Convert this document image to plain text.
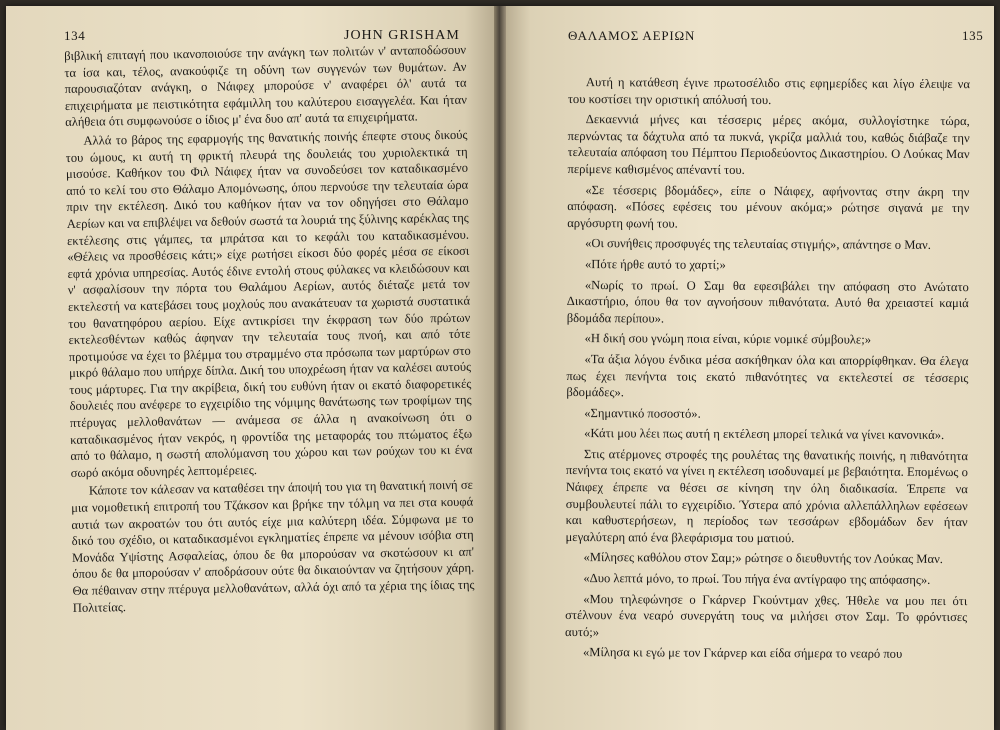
134	JOHN GRISHAM

βιβλική επιταγή που ικανοποιούσε την ανάγκη των πολιτών ν' ανταποδώσουν τα ίσα και, τέλος, ανακούφιζε τη οδύνη των συγγενών των θυμάτων. Αν παρουσιαζόταν ανάγκη, ο Νάιφεχ μπορούσε ν' αναφέρει όλ' αυτά τα επιχειρήματα με πειστικότητα εφάμιλλη του καλύτερου εισαγγελέα. Και ήταν αλήθεια ότι συμφωνούσε ο ίδιος μ' ένα δυο απ' αυτά τα επιχειρήματα.

Αλλά το βάρος της εφαρμογής της θανατικής ποινής έπεφτε στους δικούς του ώμους, κι αυτή τη φρικτή πλευρά της δουλειάς του χυριολεκτικά τη μισούσε. Καθήκον του Φιλ Νάιφεχ ήταν να συνοδεύσει τον καταδικασμένο από το κελί του στο Θάλαμο Απομόνωσης, όπου περνούσε την τελευταία ώρα πριν την εκτέλεση. Δικό του καθήκον ήταν να τον οδηγήσει στο Θάλαμο Αερίων και να επιβλέψει να δεθούν σωστά τα λουριά της ξύλινης καρέκλας της εκτέλεσης στις γάμπες, τα μπράτσα και το κεφάλι του καταδικασμένου. «Θέλεις να προσθέσεις κάτι;» είχε ρωτήσει είκοσι δύο φορές μέσα σε είκοσι εφτά χρόνια υπηρεσίας. Αυτός έδινε εντολή στους φύλακες να κλειδώσουν και ν' ασφαλίσουν την πόρτα του Θαλάμου Αερίων, αυτός διέταζε μετά τον εκτελεστή να κατεβάσει τους μοχλούς που ανακάτευαν τα χωριστά συστατικά του θανατηφόρου αερίου. Είχε αντικρίσει την έκφραση των δύο πρώτων εκτελεσθέντων καθώς άφηναν την τελευταία τους πνοή, και από τότε προτιμούσε να έχει το βλέμμα του στραμμένο στα πρόσωπα των μαρτύρων στο μικρό θάλαμο που υπήρχε δίπλα. Δική του υποχρέωση ήταν να καλέσει αυτούς τους μάρτυρες. Για την ακρίβεια, δική του ευθύνη ήταν οι εκατό διαφορετικές δουλειές που ανέφερε το εγχειρίδιο της νόμιμης θανάτωσης των τροφίμων της πτέρυγας μελλοθανάτων — ανάμεσα σε άλλα η ανακοίνωση ότι ο καταδικασμένος ήταν νεκρός, η φροντίδα της μεταφοράς του πτώματος έξω από το θάλαμο, η σωστή απολύμανση του χώρου και των ρούχων του κι ένα σωρό ακόμα οδυνηρές λεπτομέρειες.

Κάποτε τον κάλεσαν να καταθέσει την άποψή του για τη θανατική ποινή σε μια νομοθετική επιτροπή του Τζάκσον και βρήκε την τόλμη να πει στα κουφά αυτιά των ακροατών του ότι αυτός είχε μια καλύτερη ιδέα. Σύμφωνα με το δικό του σχέδιο, οι καταδικασμένοι εγκληματίες έπρεπε να μένουν ισόβια στη Μονάδα Υψίστης Ασφαλείας, όπου δε θα μπορούσαν να σκοτώσουν κι απ' όπου δε θα μπορούσαν ν' αποδράσουν ούτε θα δικαιούνταν να ζητήσουν χάρη. Θα πέθαιναν στην πτέρυγα μελλοθανάτων, αλλά όχι από τα χέρια της ίδιας της Πολιτείας.

ΘΑΛΑΜΟΣ ΑΕΡΙΩΝ	135

Αυτή η κατάθεση έγινε πρωτοσέλιδο στις εφημερίδες και λίγο έλειψε να του κοστίσει την οριστική απόλυσή του.

Δεκαεννιά μήνες και τέσσερις μέρες ακόμα, συλλογίστηκε τώρα, περνώντας τα δάχτυλα από τα πυκνά, γκρίζα μαλλιά του, καθώς διάβαζε την τελευταία απόφαση του Πέμπτου Περιοδεύοντος Δικαστηρίου. Ο Λούκας Μαν περίμενε καθισμένος απέναντί του.

«Σε τέσσερις βδομάδες», είπε ο Νάιφεχ, αφήνοντας στην άκρη την απόφαση. «Πόσες εφέσεις του μένουν ακόμα;» ρώτησε σιγανά με την αργόσυρτη φωνή του.

«Οι συνήθεις προσφυγές της τελευταίας στιγμής», απάντησε ο Μαν.

«Πότε ήρθε αυτό το χαρτί;»

«Νωρίς το πρωί. Ο Σαμ θα εφεσιβάλει την απόφαση στο Ανώτατο Δικαστήριο, όπου θα τον αγνοήσουν πιθανότατα. Αυτό θα χρειαστεί καμιά βδομάδα περίπου».

«Η δική σου γνώμη ποια είναι, κύριε νομικέ σύμβουλε;»

«Τα άξια λόγου ένδικα μέσα ασκήθηκαν όλα και απορρίφθηκαν. Θα έλεγα πως έχει πενήντα τοις εκατό πιθανότητες να εκτελεστεί σε τέσσερις βδομάδες».

«Σημαντικό ποσοστό».

«Κάτι μου λέει πως αυτή η εκτέλεση μπορεί τελικά να γίνει κανονικά».

Στις ατέρμονες στροφές της ρουλέτας της θανατικής ποινής, η πιθανότητα πενήντα τοις εκατό να γίνει η εκτέλεση ισοδυναμεί με βεβαιότητα. Επομένως ο Νάιφεχ έπρεπε να θέσει σε κίνηση την όλη διαδικασία. Έπρεπε να συμβουλευτεί πάλι το εγχειρίδιο. Ύστερα από χρόνια αλλεπάλληλων εφέσεων και καθυστερήσεων, η περίοδος των τεσσάρων εβδομάδων δεν ήταν μεγαλύτερη από ένα βλεφάρισμα του ματιού.

«Μίλησες καθόλου στον Σαμ;» ρώτησε ο διευθυντής τον Λούκας Μαν.

«Δυο λεπτά μόνο, το πρωί. Του πήγα ένα αντίγραφο της απόφασης».

«Μου τηλεφώνησε ο Γκάρνερ Γκούντμαν χθες. Ήθελε να μου πει ότι στέλνουν ένα νεαρό συνεργάτη τους να μιλήσει στον Σαμ. Το φρόντισες αυτό;»

«Μίλησα κι εγώ με τον Γκάρνερ και είδα σήμερα το νεαρό που
